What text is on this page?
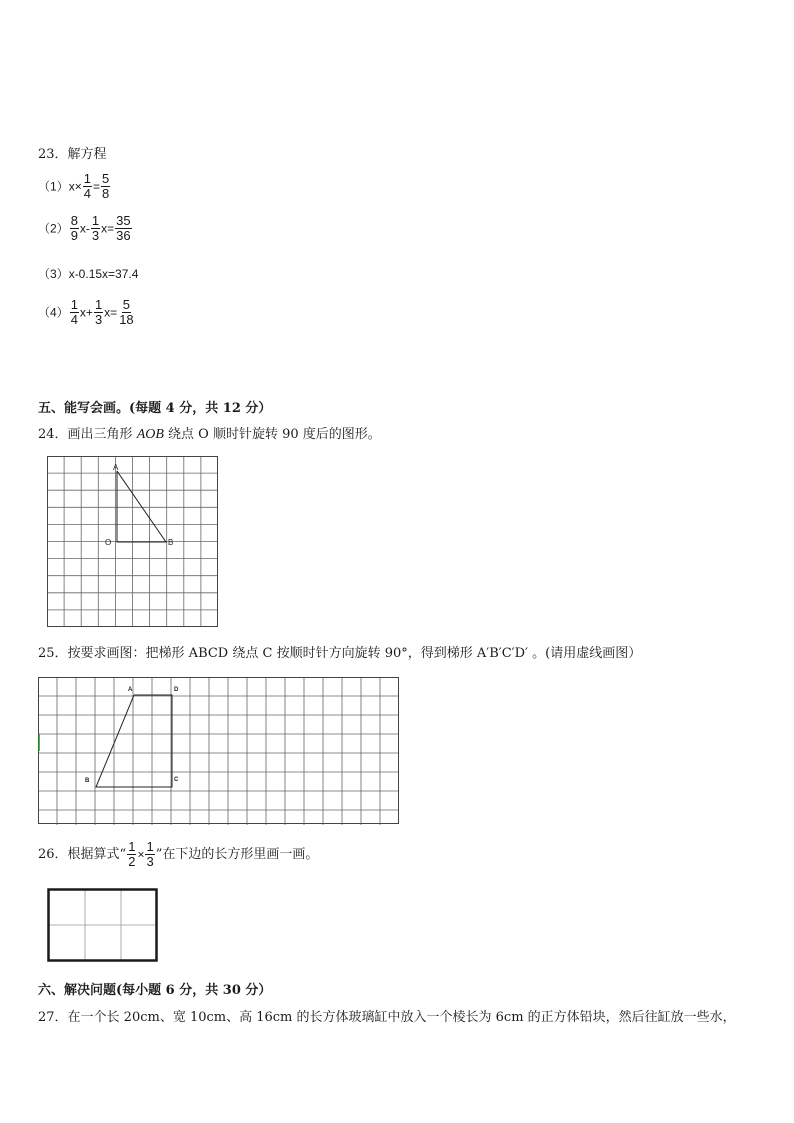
23．解方程
$(1)x\times \frac{1}{4} = \frac{5}{8}$
$(2) \frac{8}{9} x- \frac{1}{3} x= \frac{35}{36}$
（3）x-0.15x=37.4
$(4) \frac{1}{4} x+ \frac{1}{3} x= \frac{5}{18}$
五、能写会画。(每题 4 分，共 12 分）
24．画出三角形 AOB 绕点 O 顺时针旋转 90 度后的图形。
A
O	B
25．按要求画图：把梯形 ABCD 绕点 C 按顺时针方向旋转 90°，得到梯形 A′B′C′D′ 。(请用虚线画图）
A	D
B	C
26．根据算式“ $\frac{1}{2} \times \frac{1}{3}$ ”在下边的长方形里画一画。
六、解决问题(每小题 6 分，共 30 分）
27．在一个长 20cm、宽 10cm、高 16cm 的长方体玻璃缸中放入一个棱长为 6cm 的正方体铅块，然后往缸放一些水，
